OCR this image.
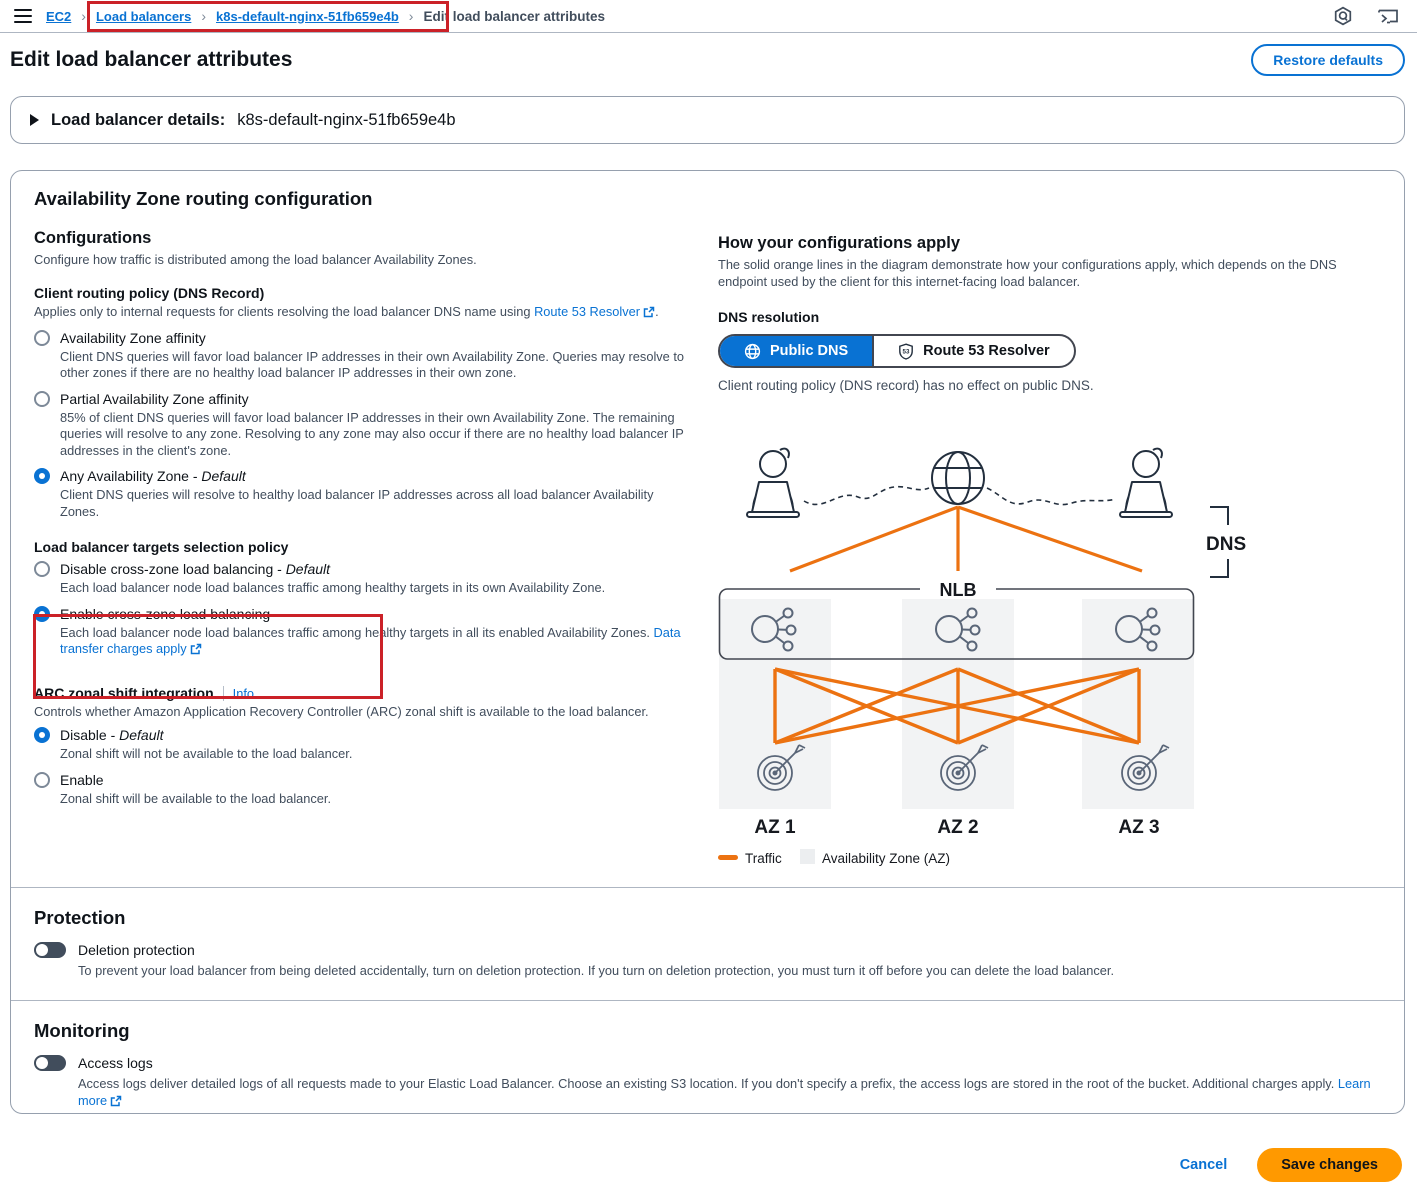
EC2 › Load balancers › k8s-default-nginx-51fb659e4b › Edit load balancer attributes
Edit load balancer attributes	Restore defaults
Load balancer details: k8s-default-nginx-51fb659e4b
Availability Zone routing configuration
Configurations

Configure how traffic is distributed among the load balancer Availability Zones.

Client routing policy (DNS Record)

Applies only to internal requests for clients resolving the load balancer DNS name using Route 53 Resolver .

Availability Zone affinity
Client DNS queries will favor load balancer IP addresses in their own Availability Zone. Queries may resolve to other zones if there are no healthy load balancer IP addresses in their own zone.
Partial Availability Zone affinity
85% of client DNS queries will favor load balancer IP addresses in their own Availability Zone. The remaining queries will resolve to any zone. Resolving to any zone may also occur if there are no healthy load balancer IP addresses in the client's zone.
Any Availability Zone - Default
Client DNS queries will resolve to healthy load balancer IP addresses across all load balancer Availability Zones.
Load balancer targets selection policy
Disable cross-zone load balancing - Default
Each load balancer node load balances traffic among healthy targets in its own Availability Zone.
Enable cross-zone load balancing
Each load balancer node load balances traffic among healthy targets in all its enabled Availability Zones. Data transfer charges apply
ARC zonal shift integration	Info

Controls whether Amazon Application Recovery Controller (ARC) zonal shift is available to the load balancer.

Disable - Default
Zonal shift will not be available to the load balancer.
Enable
Zonal shift will be available to the load balancer.
How your configurations apply

The solid orange lines in the diagram demonstrate how your configurations apply, which depends on the DNS endpoint used by the client for this internet-facing load balancer.

DNS resolution
Public DNS	53 Route 53 Resolver

Client routing policy (DNS record) has no effect on public DNS.

DNS
NLB
AZ 1	AZ 2	AZ 3
Traffic	Availability Zone (AZ)
Protection
Deletion protection

To prevent your load balancer from being deleted accidentally, turn on deletion protection. If you turn on deletion protection, you must turn it off before you can delete the load balancer.

Monitoring
Access logs

Access logs deliver detailed logs of all requests made to your Elastic Load Balancer. Choose an existing S3 location. If you don't specify a prefix, the access logs are stored in the root of the bucket. Additional charges apply. Learn more

Cancel	Save changes
